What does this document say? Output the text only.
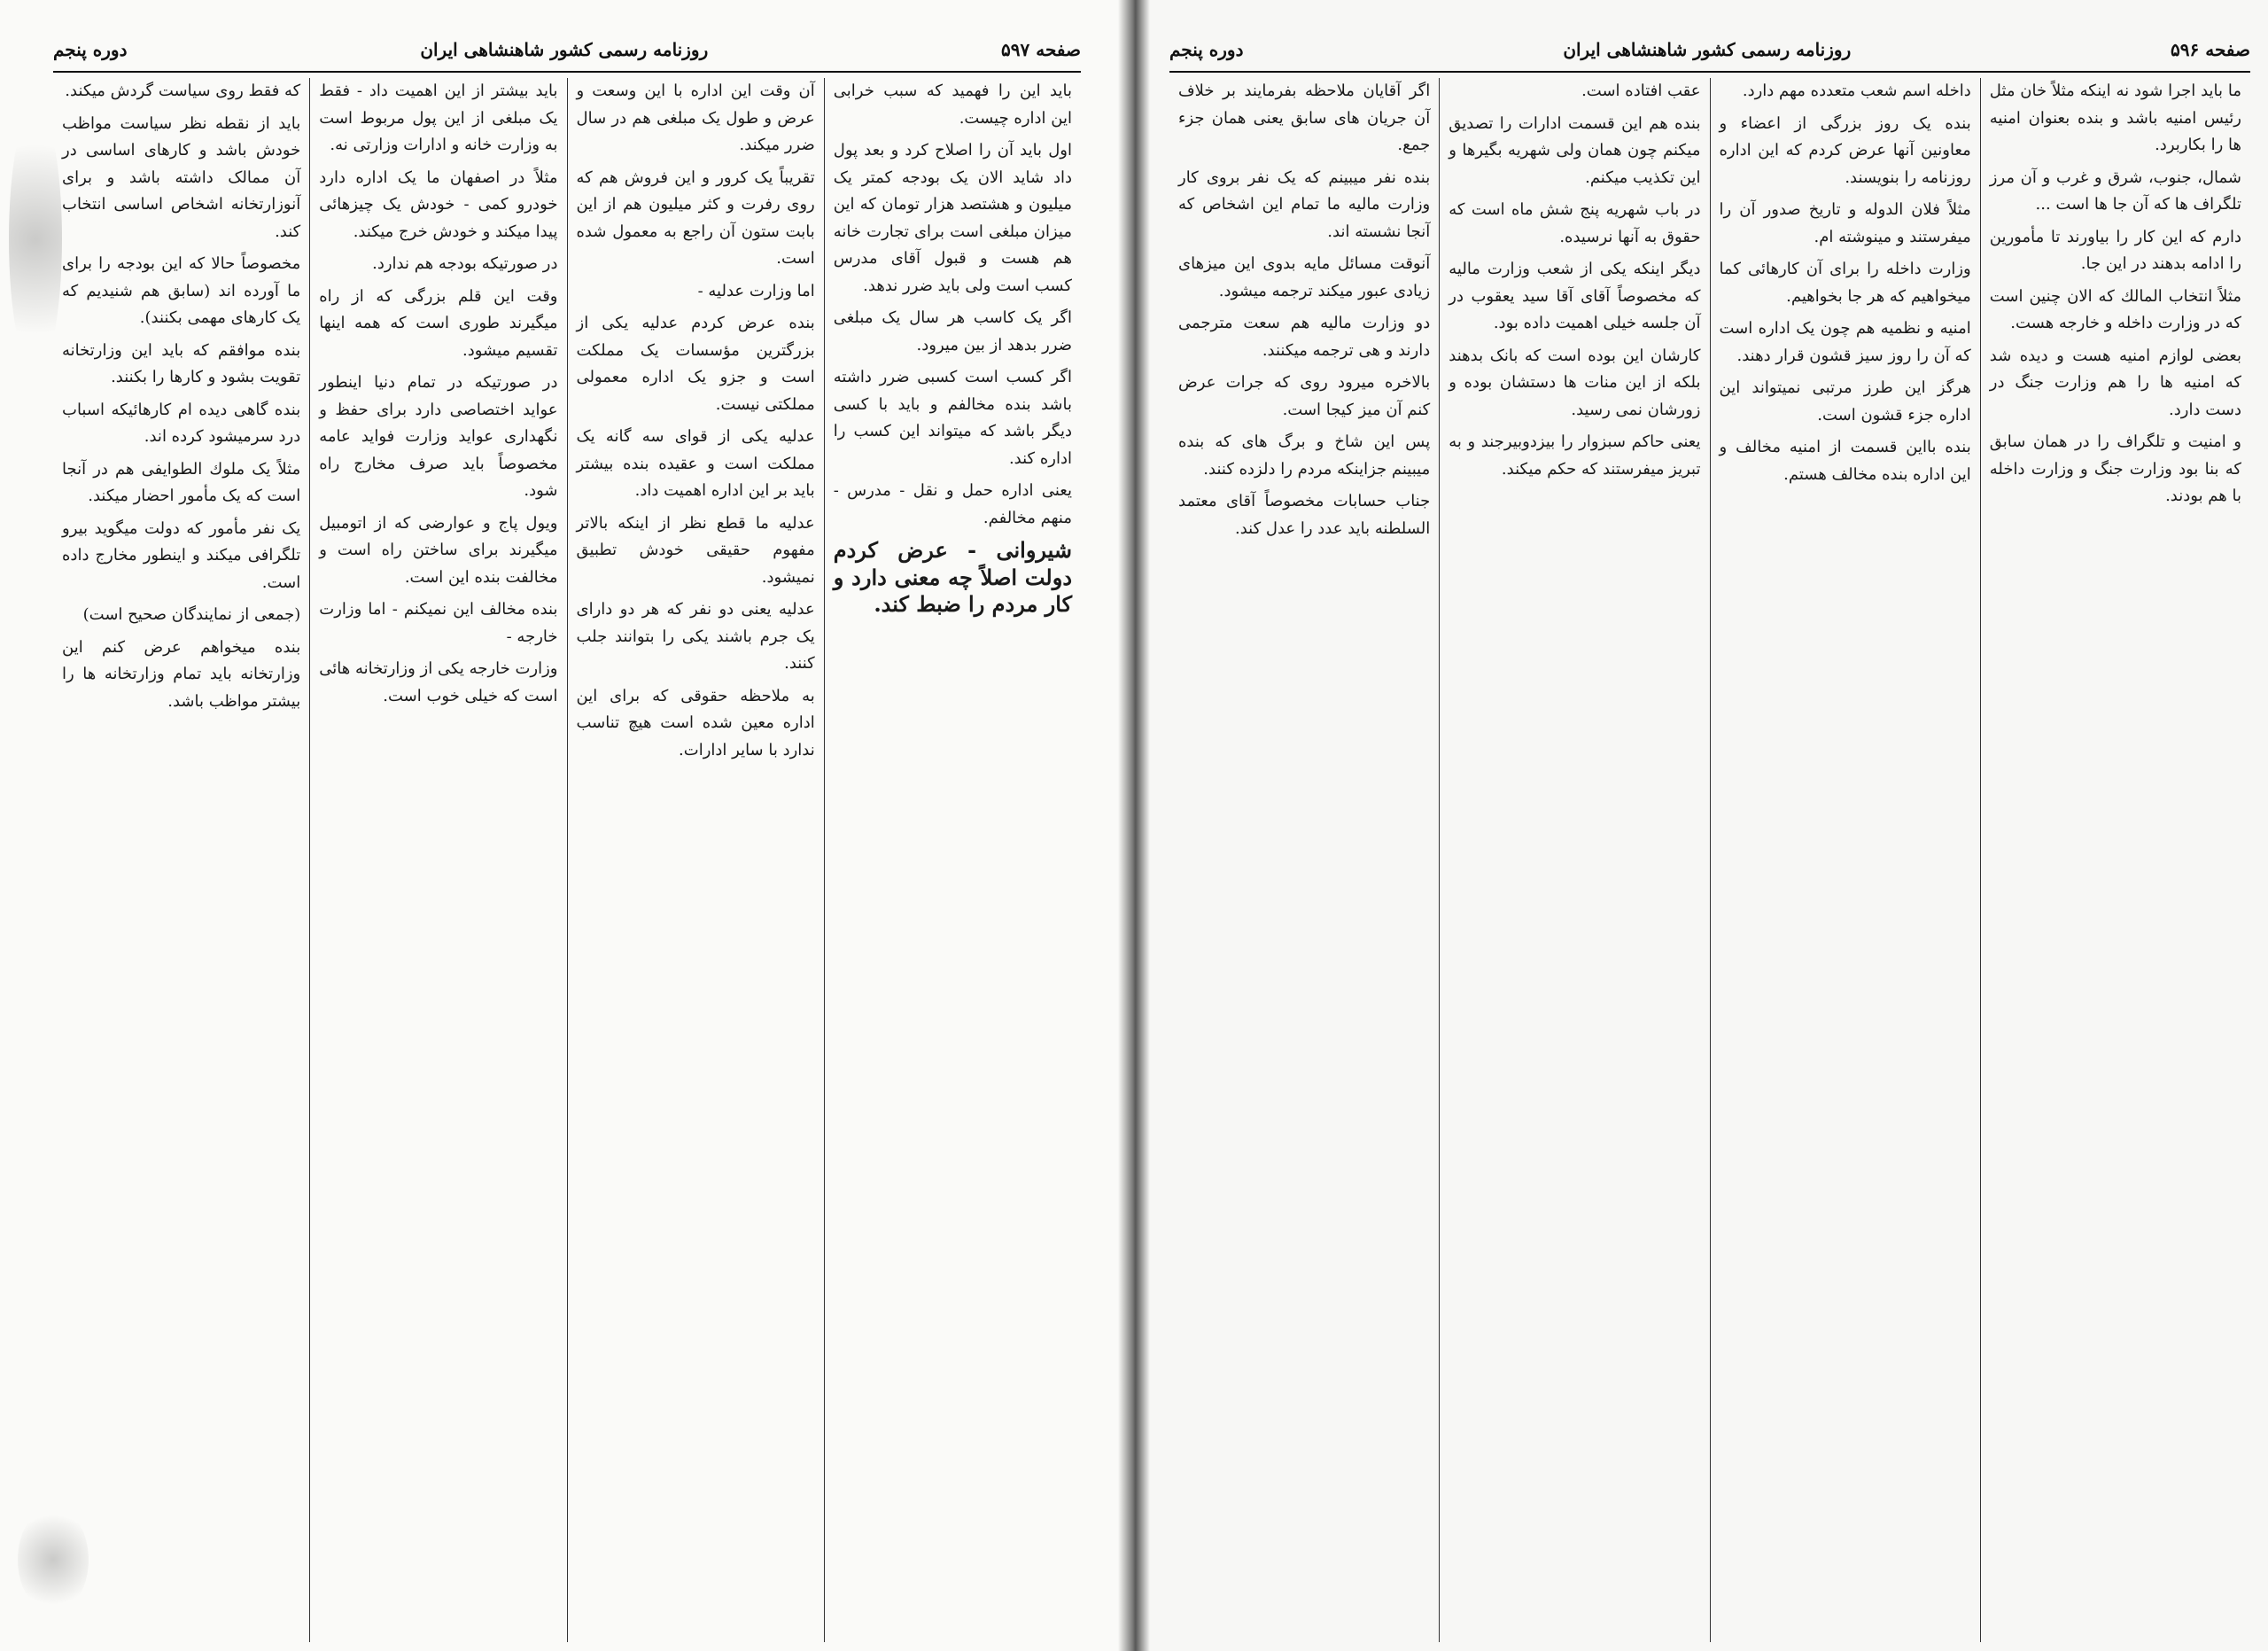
دوره پنجم	روزنامه رسمی کشور شاهنشاهی ایران	صفحه ۵۹۷

باید این را فهمید که سبب خرابی این اداره چیست.

اول باید آن را اصلاح کرد و بعد پول داد شاید الان یک بودجه کمتر یک میلیون و هشتصد هزار تومان که این میزان مبلغی است برای تجارت خانه هم هست و قبول آقای مدرس کسب است ولی باید ضرر ندهد.

اگر یک کاسب هر سال یک مبلغی ضرر بدهد از بین میرود.

اگر کسب است کسبی ضرر داشته باشد بنده مخالفم و باید با کسی دیگر باشد که میتواند این کسب را اداره کند.

یعنی اداره حمل و نقل - مدرس - منهم مخالفم.

شیروانی - عرض کردم دولت اصلاً چه معنی دارد و کار مردم را ضبط کند.

آن وقت این اداره با این وسعت و عرض و طول یک مبلغی هم در سال ضرر میکند.

تقریباً یک کرور و این فروش هم که روی رفرت و کثر میلیون هم از این بابت ستون آن راجع به معمول شده است.

اما وزارت عدلیه -

بنده عرض کردم عدلیه یکی از بزرگترین مؤسسات یک مملکت است و جزو یک اداره معمولی مملکتی نیست.

عدلیه یکی از قوای سه گانه یک مملکت است و عقیده بنده بیشتر باید بر این اداره اهمیت داد.

عدلیه ما قطع نظر از اینکه بالاتر مفهوم حقیقی خودش تطبیق نمیشود.

عدلیه یعنی دو نفر که هر دو دارای یک جرم باشند یکی را بتوانند جلب کنند.

به ملاحظه حقوقی که برای این اداره معین شده است هیچ تناسب ندارد با سایر ادارات.

باید بیشتر از این اهمیت داد - فقط یک مبلغی از این پول مربوط است به وزارت خانه و ادارات وزارتی نه.

مثلاً در اصفهان ما یک اداره دارد خودرو کمی - خودش یک چیزهائی پیدا میکند و خودش خرج میکند.

در صورتیکه بودجه هم ندارد.

وقت این قلم بزرگی که از راه میگیرند طوری است که همه اینها تقسیم میشود.

در صورتیکه در تمام دنیا اینطور عواید اختصاصی دارد برای حفظ و نگهداری عواید وزارت فواید عامه مخصوصاً باید صرف مخارج راه شود.

ویول پاج و عوارضی که از اتومبیل میگیرند برای ساختن راه است و مخالفت بنده این است.

بنده مخالف این نمیکنم - اما وزارت خارجه -

وزارت خارجه یکی از وزارتخانه هائی است که خیلی خوب است.

که فقط روی سیاست گردش میکند.

باید از نقطه نظر سیاست مواظب خودش باشد و کارهای اساسی در آن ممالک داشته باشد و برای آنوزارتخانه اشخاص اساسی انتخاب کند.

مخصوصاً حالا که این بودجه را برای ما آورده اند (سابق هم شنیدیم که یک کارهای مهمی بکنند).

بنده موافقم که باید این وزارتخانه تقویت بشود و کارها را بکنند.

بنده گاهی دیده ام کارهائیکه اسباب درد سرمیشود کرده اند.

مثلاً یک ملوك الطوایفی هم در آنجا است که یک مأمور احضار میکند.

یک نفر مأمور که دولت میگوید بیرو تلگرافی میکند و اینطور مخارج داده است.

(جمعی از نمایندگان صحیح است)

بنده میخواهم عرض کنم این وزارتخانه باید تمام وزارتخانه ها را بیشتر مواظب باشد.

دوره پنجم	روزنامه رسمی کشور شاهنشاهی ایران	صفحه ۵۹۶

ما باید اجرا شود نه اینکه مثلاً خان مثل رئیس امنیه باشد و بنده بعنوان امنیه ها را بکاربرد.

شمال، جنوب، شرق و غرب و آن مرز تلگراف ها که آن جا ها است ...

دارم که این کار را بیاورند تا مأمورین را ادامه بدهند در این جا.

مثلاً انتخاب المالك که الان چنین است که در وزارت داخله و خارجه هست.

بعضی لوازم امنیه هست و دیده شد که امنیه ها را هم وزارت جنگ در دست دارد.

و امنیت و تلگراف را در همان سابق که بنا بود وزارت جنگ و وزارت داخله با هم بودند.

داخله اسم شعب متعدده مهم دارد.

بنده یک روز بزرگی از اعضاء و معاونین آنها عرض کردم که این اداره روزنامه را بنویسند.

مثلاً فلان الدوله و تاریخ صدور آن را میفرستند و مینوشته ام.

وزارت داخله را برای آن کارهائی کما میخواهیم که هر جا بخواهیم.

امنیه و نظمیه هم چون یک اداره است که آن را روز سیز قشون قرار دهند.

هرگز این طرز مرتبی نمیتواند این اداره جزء قشون است.

بنده بااین قسمت از امنیه مخالف و این اداره بنده مخالف هستم.

عقب افتاده است.

بنده هم این قسمت ادارات را تصدیق میکنم چون همان ولی شهریه بگیرها و این تکذیب میکنم.

در باب شهریه پنج شش ماه است که حقوق به آنها نرسیده.

دیگر اینکه یکی از شعب وزارت مالیه که مخصوصاً آقای آقا سید یعقوب در آن جلسه خیلی اهمیت داده بود.

کارشان این بوده است که بانک بدهند بلکه از این منات ها دستشان بوده و زورشان نمی رسید.

یعنی حاکم سبزوار را بیزدوبیرجند و به تبریز میفرستند که حکم میکند.

اگر آقایان ملاحظه بفرمایند بر خلاف آن جریان های سابق یعنی همان جزء جمع.

بنده نفر میبینم که یک نفر بروی کار وزارت مالیه ما تمام این اشخاص که آنجا نشسته اند.

آنوقت مسائل مایه بدوی این میزهای زیادی عبور میکند ترجمه میشود.

دو وزارت مالیه هم سعت مترجمی دارند و هی ترجمه میکنند.

بالاخره میرود روی که جرات عرض کنم آن میز کیجا است.

پس این شاخ و برگ های که بنده میبینم جزاینکه مردم را دلزده کنند.

جناب حسابات مخصوصاً آقای معتمد السلطنه باید عدد را عدل کند.
